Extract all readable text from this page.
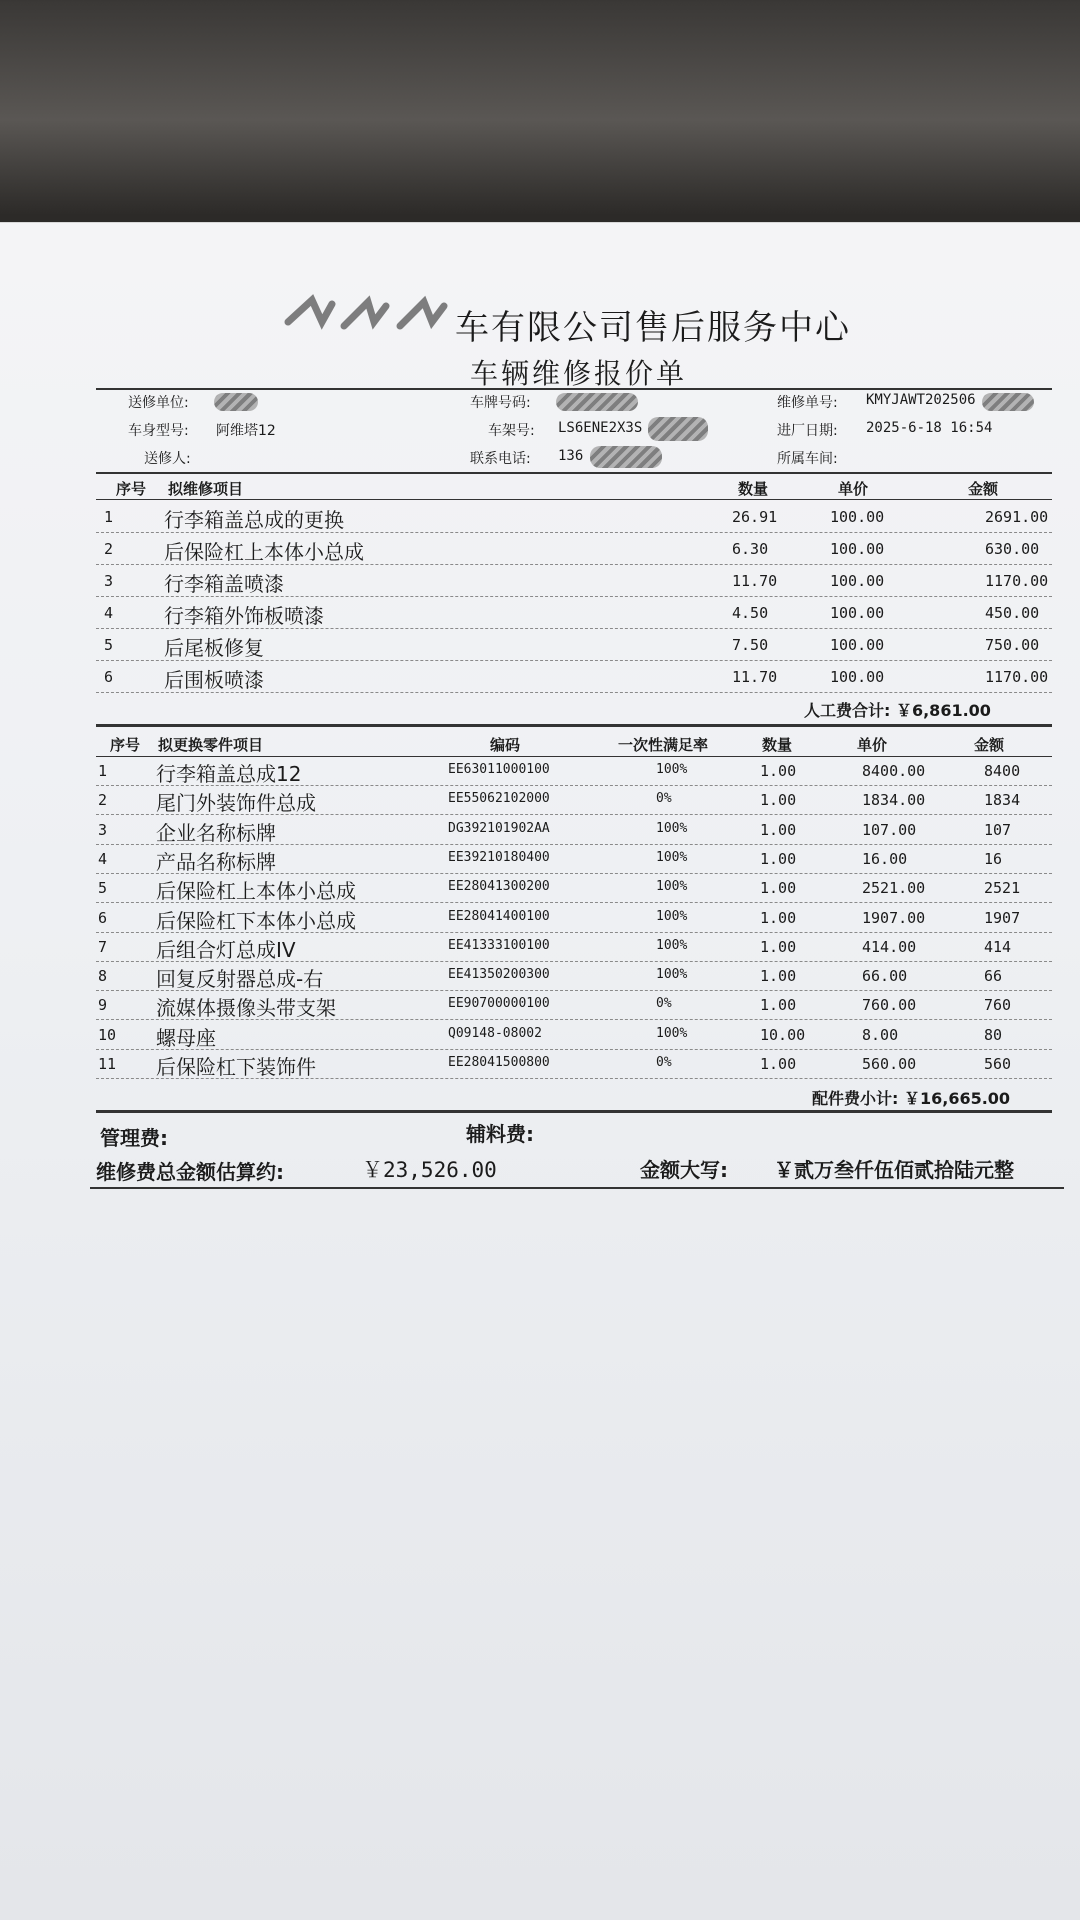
车有限公司售后服务中心
车辆维修报价单
送修单位:	车牌号码:	维修单号: KMYJAWT202506
车身型号: 阿维塔12	车架号: LS6ENE2X3S	进厂日期: 2025-6-18 16:54
送修人:	联系电话: 136	所属车间:
序号 拟维修项目	数量	单价	金额
1	行李箱盖总成的更换	26.91	100.00	2691.00
2	后保险杠上本体小总成	6.30	100.00	630.00
3	行李箱盖喷漆	11.70	100.00	1170.00
4	行李箱外饰板喷漆	4.50	100.00	450.00
5	后尾板修复	7.50	100.00	750.00
6	后围板喷漆	11.70	100.00	1170.00
人工费合计: ￥6,861.00
序号 拟更换零件项目	编码	一次性满足率	数量	单价	金额
1 行李箱盖总成12	EE63011000100	100%	1.00	8400.00	8400
2 尾门外装饰件总成	EE55062102000	0%	1.00	1834.00	1834
3 企业名称标牌	DG392101902AA	100%	1.00	107.00	107
4 产品名称标牌	EE39210180400	100%	1.00	16.00	16
5 后保险杠上本体小总成	EE28041300200	100%	1.00	2521.00	2521
6 后保险杠下本体小总成	EE28041400100	100%	1.00	1907.00	1907
7 后组合灯总成IV	EE41333100100	100%	1.00	414.00	414
8 回复反射器总成-右	EE41350200300	100%	1.00	66.00	66
9 流媒体摄像头带支架	EE90700000100	0%	1.00	760.00	760
10 螺母座	Q09148-08002	100%	10.00	8.00	80
11 后保险杠下装饰件	EE28041500800	0%	1.00	560.00	560
配件费小计: ￥16,665.00
管理费:	辅料费:
维修费总金额估算约:	￥23,526.00	金额大写: ￥贰万叁仟伍佰贰拾陆元整
